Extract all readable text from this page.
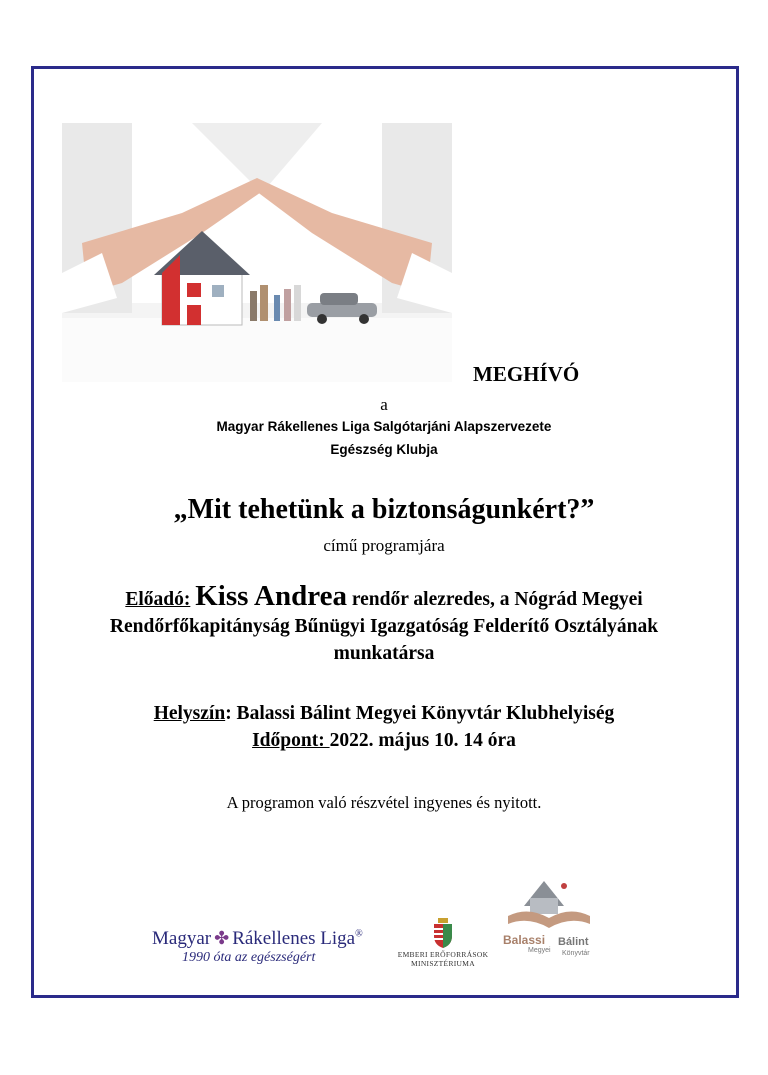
MEGHÍVÓ
a
Magyar Rákellenes Liga Salgótarjáni Alapszervezete
Egészség Klubja
„Mit tehetünk a biztonságunkért?”
című programjára
Előadó: Kiss Andrea rendőr alezredes, a Nógrád Megyei
Rendőrfőkapitányság Bűnügyi Igazgatóság Felderítő Osztályának
munkatársa
Helyszín: Balassi Bálint Megyei Könyvtár Klubhelyiség
Időpont: 2022. május 10. 14 óra
A programon való részvétel ingyenes és nyitott.
Magyar ✤ Rákellenes Liga®
1990 óta az egészségért	EMBERI ERŐFORRÁSOK
MINISZTÉRIUMA
Balassi Bálint
Megyei Könyvtár
